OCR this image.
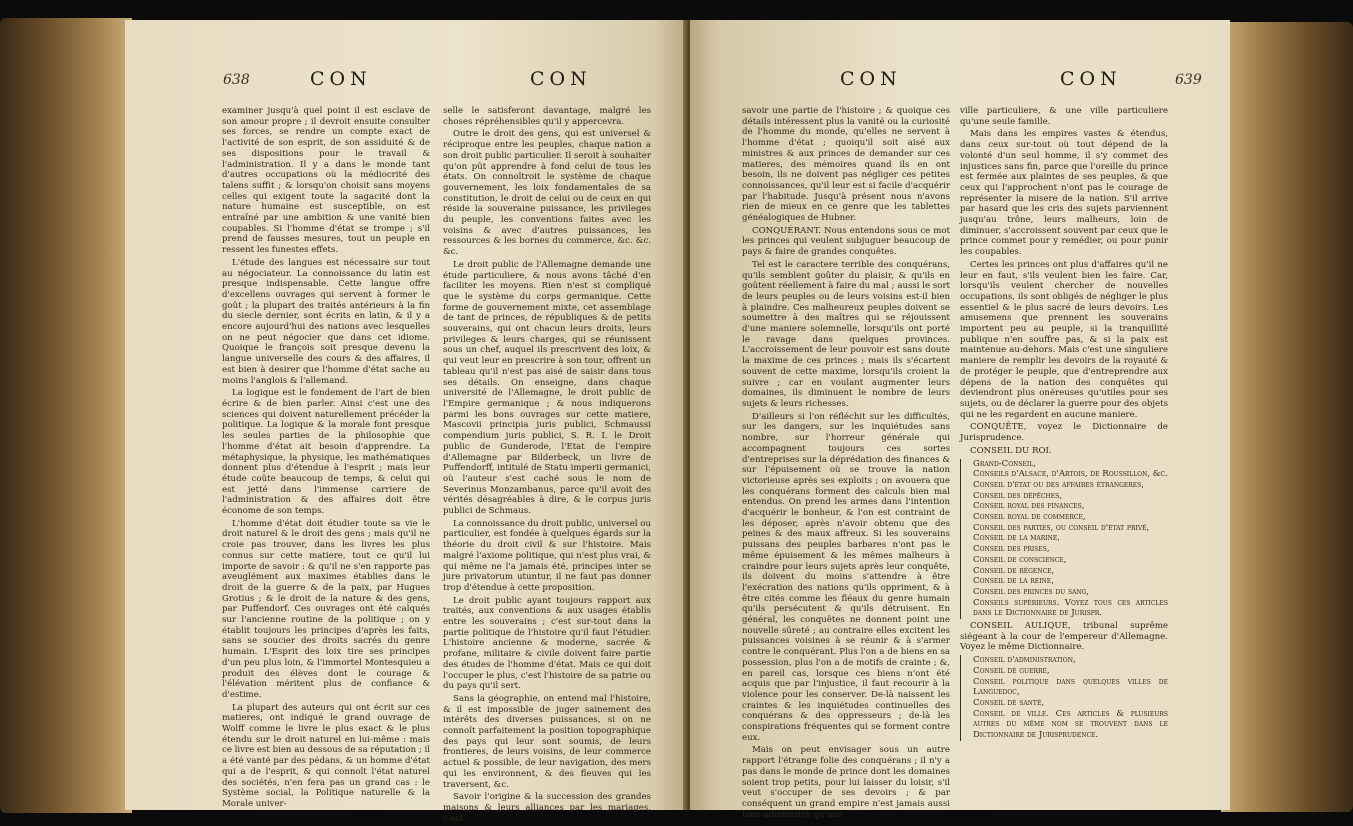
638	CON	CON

examiner jusqu'à quel point il est esclave de son amour propre ; il devroit ensuite consulter ses forces, se rendre un compte exact de l'activité de son esprit, de son assiduité & de ses dispositions pour le travail & l'administration. Il y a dans le monde tant d'autres occupations où la médiocrité des talens suffit ; & lorsqu'on choisit sans moyens celles qui exigent toute la sagacité dont la nature humaine est susceptible, on est entraîné par une ambition & une vanité bien coupables. Si l'homme d'état se trompe ; s'il prend de fausses mesures, tout un peuple en ressent les funestes effets.

L'étude des langues est nécessaire sur tout au négociateur. La connoissance du latin est presque indispensable. Cette langue offre d'excellens ouvrages qui servent à former le goût ; la plupart des traités antérieurs à la fin du siecle dernier, sont écrits en latin, & il y a encore aujourd'hui des nations avec lesquelles on ne peut négocier que dans cet idiome. Quoique le françois soit presque devenu la langue universelle des cours & des affaires, il est bien à desirer que l'homme d'état sache au moins l'anglois & l'allemand.

La logique est le fondement de l'art de bien écrire & de bien parler. Ainsi c'est une des sciences qui doivent naturellement précéder la politique. La logique & la morale font presque les seules parties de la philosophie que l'homme d'état ait besoin d'apprendre. La métaphysique, la physique, les mathématiques donnent plus d'étendue à l'esprit ; mais leur étude coûte beaucoup de temps, & celui qui est jetté dans l'immense carriere de l'administration & des affaires doit être économe de son temps.

L'homme d'état doit étudier toute sa vie le droit naturel & le droit des gens ; mais qu'il ne croie pas trouver, dans les livres les plus connus sur cette matiere, tout ce qu'il lui importe de savoir : & qu'il ne s'en rapporte pas aveuglément aux maximes établies dans le droit de la guerre & de la paix, par Hugues Grotius ; & le droit de la nature & des gens, par Puffendorf. Ces ouvrages ont été calqués sur l'ancienne routine de la politique ; on y établit toujours les principes d'après les faits, sans se soucier des droits sacrés du genre humain. L'Esprit des loix tire ses principes d'un peu plus loin, & l'immortel Montesquieu a produit des élèves dont le courage & l'élévation méritent plus de confiance & d'estime.

La plupart des auteurs qui ont écrit sur ces matieres, ont indiqué le grand ouvrage de Wolff comme le livre le plus exact & le plus étendu sur le droit naturel en lui-même : mais ce livre est bien au dessous de sa réputation ; il a été vanté par des pédans, & un homme d'état qui a de l'esprit, & qui connoît l'état naturel des sociétés, n'en fera pas un grand cas : le Système social, la Politique naturelle & la Morale univer-

selle le satisferont davantage, malgré les choses répréhensibles qu'il y appercevra.

Outre le droit des gens, qui est universel & réciproque entre les peuples, chaque nation a son droit public particulier. Il seroit à souhaiter qu'on pût apprendre à fond celui de tous les états. On connoîtroit le système de chaque gouvernement, les loix fondamentales de sa constitution, le droit de celui ou de ceux en qui réside la souveraine puissance, les privileges du peuple, les conventions faites avec les voisins & avec d'autres puissances, les ressources & les bornes du commerce, &c. &c. &c.

Le droit public de l'Allemagne demande une étude particuliere, & nous avons tâché d'en faciliter les moyens. Rien n'est si compliqué que le système du corps germanique. Cette forme de gouvernement mixte, cet assemblage de tant de princes, de républiques & de petits souverains, qui ont chacun leurs droits, leurs privileges & leurs charges, qui se réunissent sous un chef, auquel ils prescrivent des loix, & qui veut leur en prescrire à son tour, offrent un tableau qu'il n'est pas aisé de saisir dans tous ses détails. On enseigne, dans chaque université de l'Allemagne, le droit public de l'Empire germanique ; & nous indiquerons parmi les bons ouvrages sur cette matiere, Mascovii principia juris publici, Schmaussi compendium juris publici, S. R. I. le Droit public de Gunderode, l'Etat de l'empire d'Allemagne par Bilderbeck, un livre de Puffendorff, intitulé de Statu imperii germanici, où l'auteur s'est caché sous le nom de Severinus Monzambanus, parce qu'il avoit des vérités désagréables à dire, & le corpus juris publici de Schmaus.

La connoissance du droit public, universel ou particulier, est fondée à quelques égards sur la théorie du droit civil & sur l'histoire. Mais malgré l'axiome politique, qui n'est plus vrai, & qui même ne l'a jamais été, principes inter se jure privatorum utuntur, il ne faut pas donner trop d'étendue à cette proposition.

Le droit public ayant toujours rapport aux traités, aux conventions & aux usages établis entre les souverains ; c'est sur-tout dans la partie politique de l'histoire qu'il faut l'étudier. L'histoire ancienne & moderne, sacrée & profane, militaire & civile doivent faire partie des études de l'homme d'état. Mais ce qui doit l'occuper le plus, c'est l'histoire de sa patrie ou du pays qu'il sert.

Sans la géographie, on entend mal l'histoire, & il est impossible de juger sainement des intérêts des diverses puissances, si on ne connoît parfaitement la position topographique des pays qui leur sont soumis, de leurs frontieres, de leurs voisins, de leur commerce actuel & possible, de leur navigation, des mers qui les environnent, & des fleuves qui les traversent, &c.

Savoir l'origine & la succession des grandes maisons & leurs alliances par les mariages, c'est

CON	CON	639

savoir une partie de l'histoire ; & quoique ces détails intéressent plus la vanité ou la curiosité de l'homme du monde, qu'elles ne servent à l'homme d'état ; quoiqu'il soit aisé aux ministres & aux princes de demander sur ces matieres, des mémoires quand ils en ont besoin, ils ne doivent pas négliger ces petites connoissances, qu'il leur est si facile d'acquérir par l'habitude. Jusqu'à présent nous n'avons rien de mieux en ce genre que les tablettes généalogiques de Hubner.

CONQUÉRANT. Nous entendons sous ce mot les princes qui veulent subjuguer beaucoup de pays & faire de grandes conquêtes.

Tel est le caractere terrible des conquérans, qu'ils semblent goûter du plaisir, & qu'ils en goûtent réellement à faire du mal ; aussi le sort de leurs peuples ou de leurs voisins est-il bien à plaindre. Ces malheureux peuples doivent se soumettre à des maîtres qui se réjouissent d'une maniere solemnelle, lorsqu'ils ont porté le ravage dans quelques provinces. L'accroissement de leur pouvoir est sans doute la maxime de ces princes ; mais ils s'écartent souvent de cette maxime, lorsqu'ils croient la suivre ; car en voulant augmenter leurs domaines, ils diminuent le nombre de leurs sujets & leurs richesses.

D'ailleurs si l'on réfléchit sur les difficultés, sur les dangers, sur les inquiétudes sans nombre, sur l'horreur générale qui accompagnent toujours ces sortes d'entreprises sur la déprédation des finances & sur l'épuisement où se trouve la nation victorieuse après ses exploits ; on avouera que les conquérans forment des calculs bien mal entendus. On prend les armes dans l'intention d'acquérir le bonheur, & l'on est contraint de les déposer, après n'avoir obtenu que des peines & des maux affreux. Si les souverains puissans des peuples barbares n'ont pas le même épuisement & les mêmes malheurs à craindre pour leurs sujets après leur conquête, ils doivent du moins s'attendre à être l'exécration des nations qu'ils oppriment, & à être cités comme les fléaux du genre humain qu'ils persécutent & qu'ils détruisent. En général, les conquêtes ne donnent point une nouvelle sûreté ; au contraire elles excitent les puissances voisines à se réunir & à s'armer contre le conquérant. Plus l'on a de biens en sa possession, plus l'on a de motifs de crainte ; &, en pareil cas, lorsque ces biens n'ont été acquis que par l'injustice, il faut recourir à la violence pour les conserver. De-là naissent les craintes & les inquiétudes continuelles des conquérans & des oppresseurs ; de-là les conspirations fréquentes qui se forment contre eux.

Mais on peut envisager sous un autre rapport l'étrange folie des conquérans ; il n'y a pas dans le monde de prince dont les domaines soient trop petits, pour lui laisser du loisir, s'il veut s'occuper de ses devoirs ; & par conséquent un grand empire n'est jamais aussi bien administré qu'une

ville particuliere, & une ville particuliere qu'une seule famille.

Mais dans les empires vastes & étendus, dans ceux sur-tout où tout dépend de la volonté d'un seul homme, il s'y commet des injustices sans fin, parce que l'oreille du prince est fermée aux plaintes de ses peuples, & que ceux qui l'approchent n'ont pas le courage de représenter la misere de la nation. S'il arrive par hasard que les cris des sujets parviennent jusqu'au trône, leurs malheurs, loin de diminuer, s'accroissent souvent par ceux que le prince commet pour y remédier, ou pour punir les coupables.

Certes les princes ont plus d'affaires qu'il ne leur en faut, s'ils veulent bien les faire. Car, lorsqu'ils veulent chercher de nouvelles occupations, ils sont obligés de négliger le plus essentiel & le plus sacré de leurs devoirs. Les amusemens que prennent les souverains importent peu au peuple, si la tranquillité publique n'en souffre pas, & si la paix est maintenue au-dehors. Mais c'est une singuliere maniere de remplir les devoirs de la royauté & de protéger le peuple, que d'entreprendre aux dépens de la nation des conquêtes qui deviendront plus onéreuses qu'utiles pour ses sujets, ou de déclarer la guerre pour des objets qui ne les regardent en aucune maniere.

CONQUÊTE, voyez le Dictionnaire de Jurisprudence.

CONSEIL DU ROI.

Grand-Conseil,
Conseils d'Alsace, d'Artois, de Roussillon, &c.
Conseil d'état ou des affaires étrangeres,
Conseil des dépêches,
Conseil royal des finances,
Conseil royal de commerce,
Conseil des parties, ou conseil d'état privé,
Conseil de la marine,
Conseil des prises,
Conseil de conscience,
Conseil de régence,
Conseil de la reine,
Conseil des princes du sang,
Conseils supérieurs. Voyez tous ces articles dans le Dictionnaire de Jurispr.

CONSEIL AULIQUE, tribunal suprême siégeant à la cour de l'empereur d'Allemagne. Voyez le même Dictionnaire.

Conseil d'administration,
Conseil de guerre,
Conseil politique dans quelques villes de Languedoc,
Conseil de santé,
Conseil de ville. Ces articles & plusieurs autres du même nom se trouvent dans le Dictionnaire de Jurisprudence.
